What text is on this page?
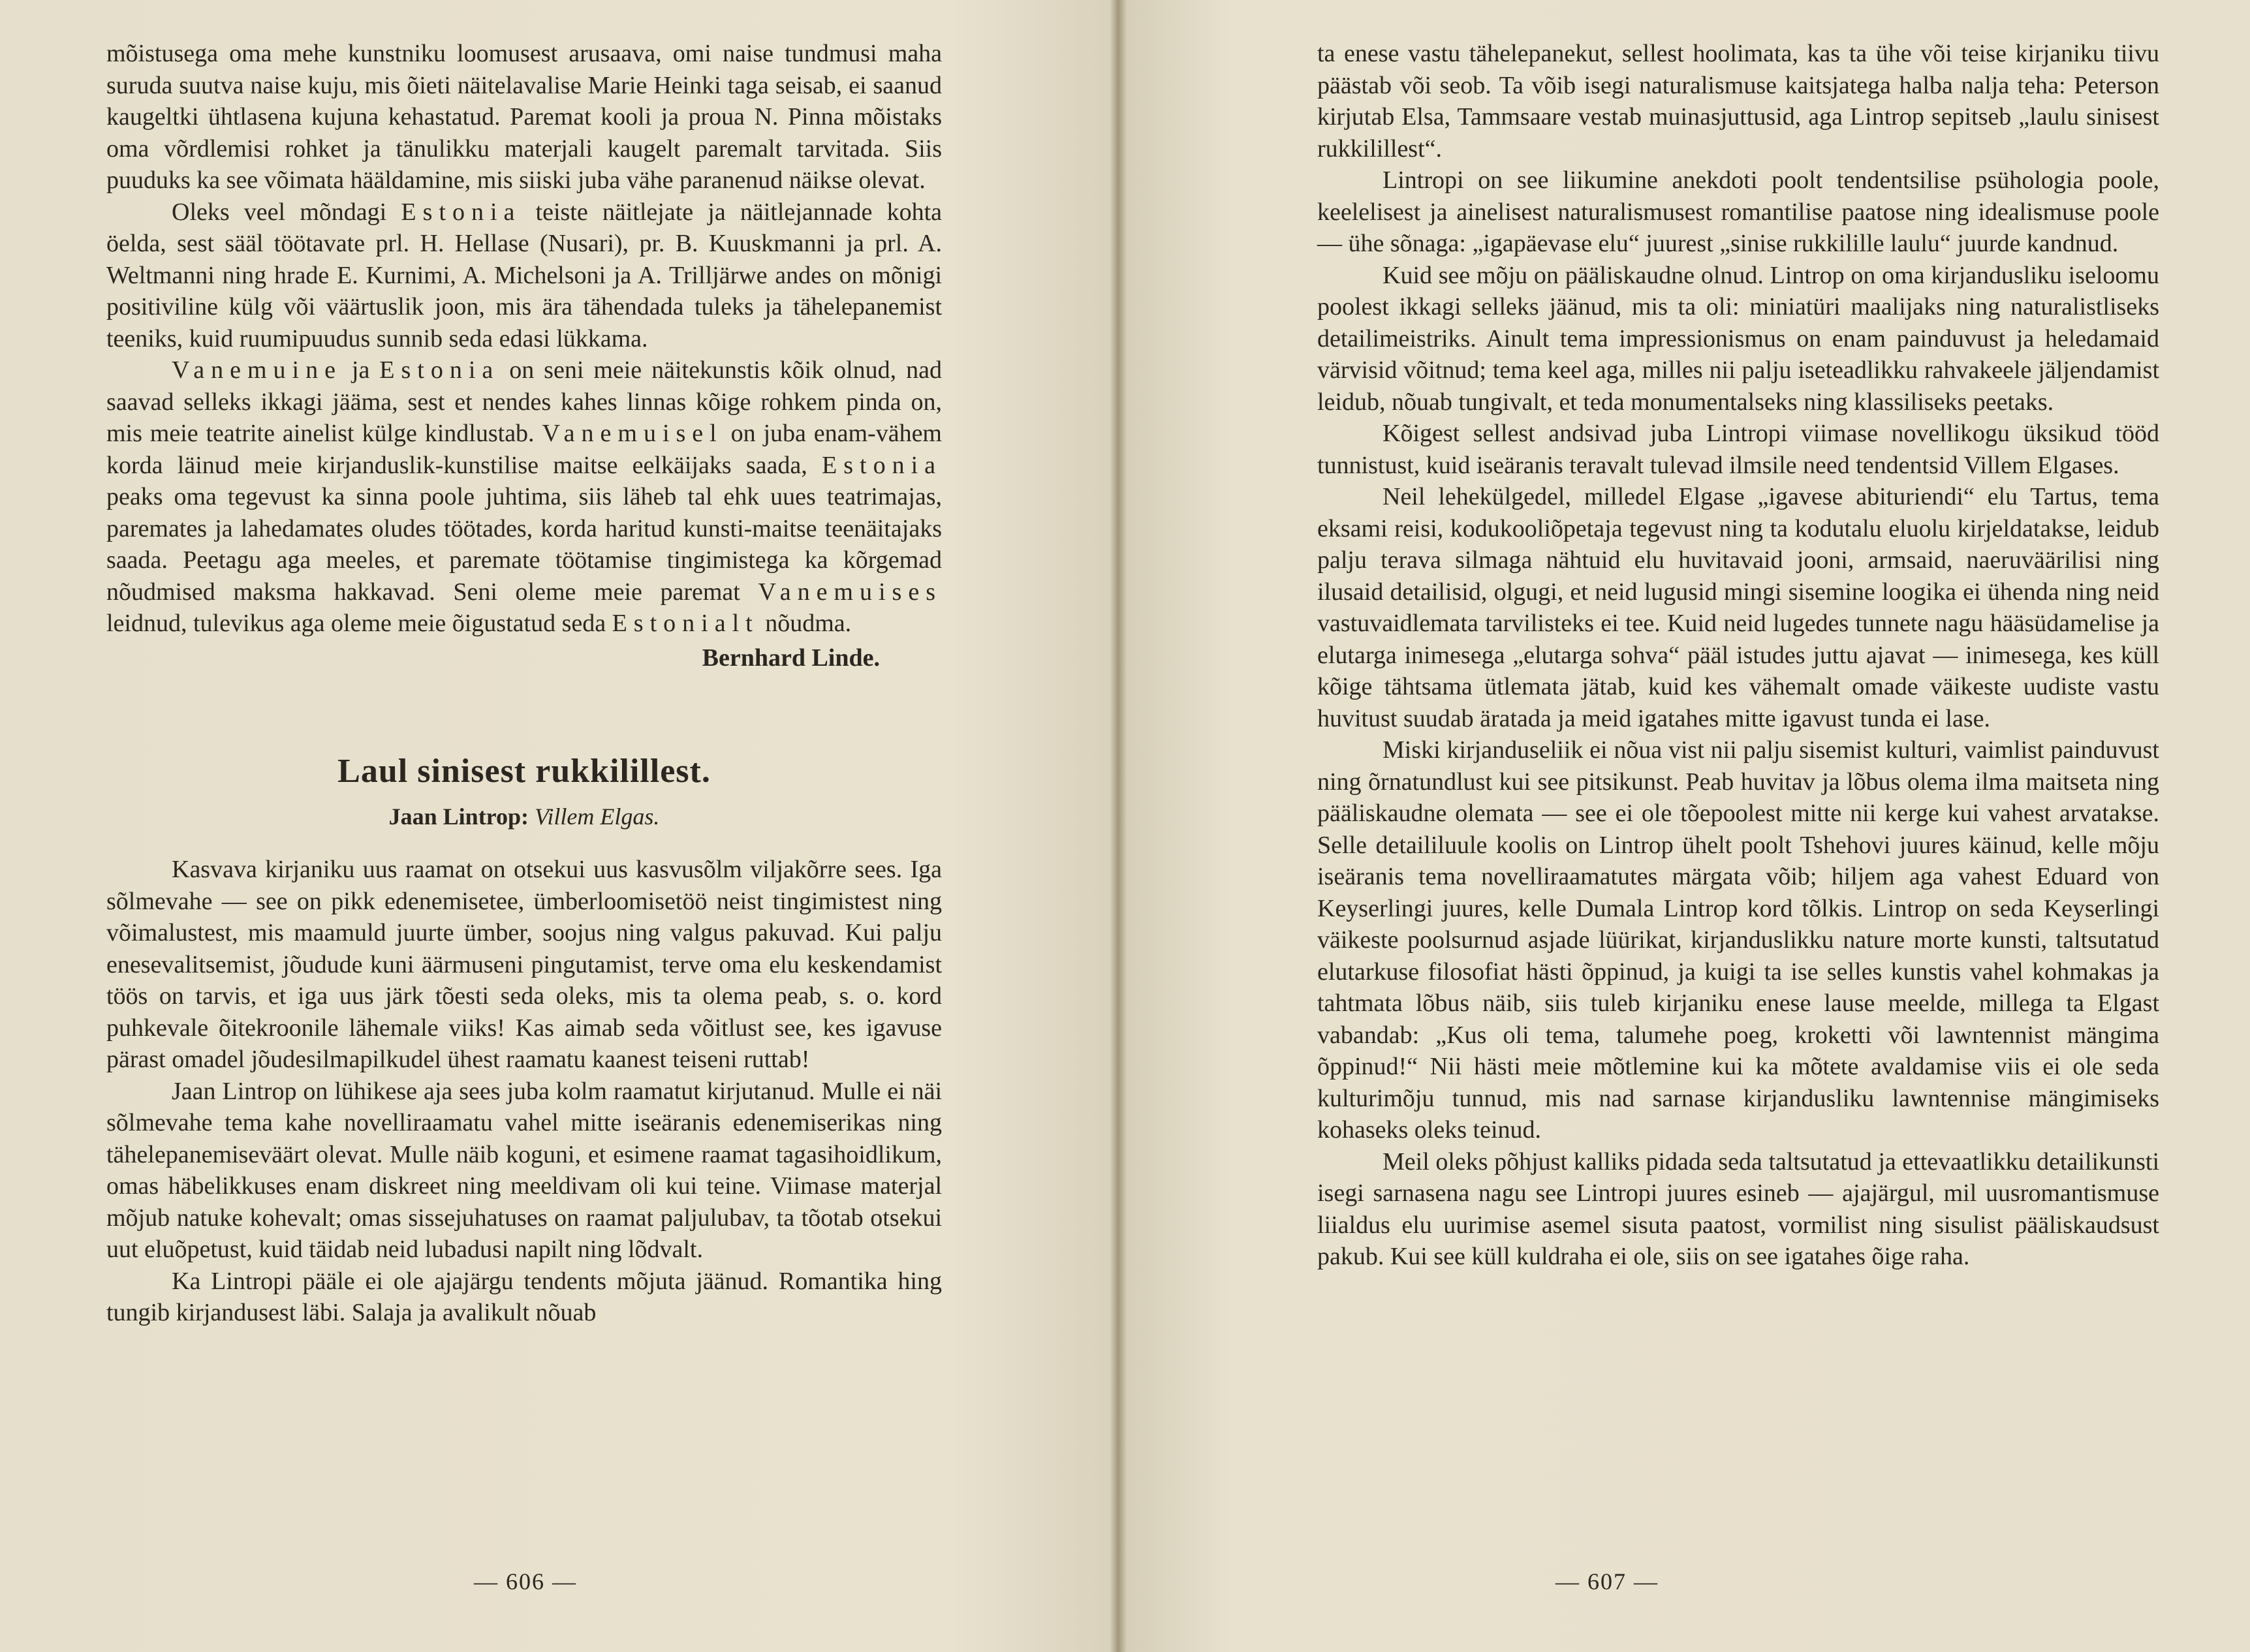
mõistusega oma mehe kunstniku loomusest arusaava, omi naise tundmusi maha suruda suutva naise kuju, mis õieti näitelavalise Marie Heinki taga seisab, ei saanud kaugeltki ühtlasena kujuna kehastatud. Paremat kooli ja proua N. Pinna mõistaks oma võrdlemisi rohket ja tänulikku materjali kaugelt paremalt tarvitada. Siis puuduks ka see võimata hääldamine, mis siiski juba vähe paranenud näikse olevat.

Oleks veel mõndagi Estonia teiste näitlejate ja näitlejannade kohta öelda, sest sääl töötavate prl. H. Hellase (Nusari), pr. B. Kuuskmanni ja prl. A. Weltmanni ning hrade E. Kurnimi, A. Michelsoni ja A. Trilljärwe andes on mõnigi positiviline külg või väärtuslik joon, mis ära tähendada tuleks ja tähelepanemist teeniks, kuid ruumipuudus sunnib seda edasi lükkama.

Vanemuine ja Estonia on seni meie näitekunstis kõik olnud, nad saavad selleks ikkagi jääma, sest et nendes kahes linnas kõige rohkem pinda on, mis meie teatrite ainelist külge kindlustab. Vanemuisel on juba enam-vähem korda läinud meie kirjanduslik-kunstilise maitse eelkäijaks saada, Estonia peaks oma tegevust ka sinna poole juhtima, siis läheb tal ehk uues teatrimajas, paremates ja lahedamates oludes töötades, korda haritud kunsti-maitse teenäitajaks saada. Peetagu aga meeles, et paremate töötamise tingimistega ka kõrgemad nõudmised maksma hakkavad. Seni oleme meie paremat Vanemuises leidnud, tulevikus aga oleme meie õigustatud seda Estonialt nõudma.

Bernhard Linde.
Laul sinisest rukkilillest.
Jaan Lintrop: Villem Elgas.

Kasvava kirjaniku uus raamat on otsekui uus kasvusõlm viljakõrre sees. Iga sõlmevahe — see on pikk edenemisetee, ümberloomisetöö neist tingimistest ning võimalustest, mis maamuld juurte ümber, soojus ning valgus pakuvad. Kui palju enesevalitsemist, jõudude kuni äärmuseni pingutamist, terve oma elu keskendamist töös on tarvis, et iga uus järk tõesti seda oleks, mis ta olema peab, s. o. kord puhkevale õitekroonile lähemale viiks! Kas aimab seda võitlust see, kes igavuse pärast omadel jõudesilmapilkudel ühest raamatu kaanest teiseni ruttab!

Jaan Lintrop on lühikese aja sees juba kolm raamatut kirjutanud. Mulle ei näi sõlmevahe tema kahe novelliraamatu vahel mitte iseäranis edenemiserikas ning tähelepanemiseväärt olevat. Mulle näib koguni, et esimene raamat tagasihoidlikum, omas häbelikkuses enam diskreet ning meeldivam oli kui teine. Viimase materjal mõjub natuke kohevalt; omas sissejuhatuses on raamat paljulubav, ta tõotab otsekui uut eluõpetust, kuid täidab neid lubadusi napilt ning lõdvalt.

Ka Lintropi pääle ei ole ajajärgu tendents mõjuta jäänud. Romantika hing tungib kirjandusest läbi. Salaja ja avalikult nõuab

— 606 —

ta enese vastu tähelepanekut, sellest hoolimata, kas ta ühe või teise kirjaniku tiivu päästab või seob. Ta võib isegi naturalismuse kaitsjatega halba nalja teha: Peterson kirjutab Elsa, Tammsaare vestab muinasjuttusid, aga Lintrop sepitseb „laulu sinisest rukkilillest“.

Lintropi on see liikumine anekdoti poolt tendentsilise psühologia poole, keelelisest ja ainelisest naturalismusest romantilise paatose ning idealismuse poole — ühe sõnaga: „igapäevase elu“ juurest „sinise rukkilille laulu“ juurde kandnud.

Kuid see mõju on pääliskaudne olnud. Lintrop on oma kirjandusliku iseloomu poolest ikkagi selleks jäänud, mis ta oli: miniatüri maalijaks ning naturalistliseks detailimeistriks. Ainult tema impressionismus on enam painduvust ja heledamaid värvisid võitnud; tema keel aga, milles nii palju iseteadlikku rahvakeele jäljendamist leidub, nõuab tungivalt, et teda monumentalseks ning klassiliseks peetaks.

Kõigest sellest andsivad juba Lintropi viimase novellikogu üksikud tööd tunnistust, kuid iseäranis teravalt tulevad ilmsile need tendentsid Villem Elgases.

Neil lehekülgedel, milledel Elgase „igavese abituriendi“ elu Tartus, tema eksami reisi, kodukooliõpetaja tegevust ning ta kodutalu eluolu kirjeldatakse, leidub palju terava silmaga nähtuid elu huvitavaid jooni, armsaid, naeruväärilisi ning ilusaid detailisid, olgugi, et neid lugusid mingi sisemine loogika ei ühenda ning neid vastuvaidlematа tarvilisteks ei tee. Kuid neid lugedes tunnete nagu hääsüdamelise ja elutarga inimesega „elutarga sohva“ pääl istudes juttu ajavat — inimesega, kes küll kõige tähtsama ütlemata jätab, kuid kes vähemalt omade väikeste uudiste vastu huvitust suudab äratada ja meid igatahes mitte igavust tunda ei lase.

Miski kirjanduseliik ei nõua vist nii palju sisemist kulturi, vaimlist painduvust ning õrnatundlust kui see pitsikunst. Peab huvitav ja lõbus olema ilma maitseta ning pääliskaudne olemata — see ei ole tõepoolest mitte nii kerge kui vahest arvatakse. Selle detaililuule koolis on Lintrop ühelt poolt Tshehovi juures käinud, kelle mõju iseäranis tema novelliraamatutes märgata võib; hiljem aga vahest Eduard von Keyserlingi juures, kelle Dumala Lintrop kord tõlkis. Lintrop on seda Keyserlingi väikeste poolsurnud asjade lüürikat, kirjanduslikku nature morte kunsti, taltsutatud elutarkuse filosofiat hästi õppinud, ja kuigi ta ise selles kunstis vahel kohmakas ja tahtmata lõbus näib, siis tuleb kirjaniku enese lause meelde, millega ta Elgast vabandab: „Kus oli tema, talumehe poeg, kroketti või lawntennist mängima õppinud!“ Nii hästi meie mõtlemine kui ka mõtete avaldamise viis ei ole seda kulturimõju tunnud, mis nad sarnase kirjandusliku lawntennise mängimiseks kohaseks oleks teinud.

Meil oleks põhjust kalliks pidada seda taltsutatud ja ettevaatlikku detailikunsti isegi sarnasena nagu see Lintropi juures esineb — ajajärgul, mil uusromantismuse liialdus elu uurimise asemel sisuta paatost, vormilist ning sisulist pääliskaudsust pakub. Kui see küll kuldraha ei ole, siis on see igatahes õige raha.

— 607 —
